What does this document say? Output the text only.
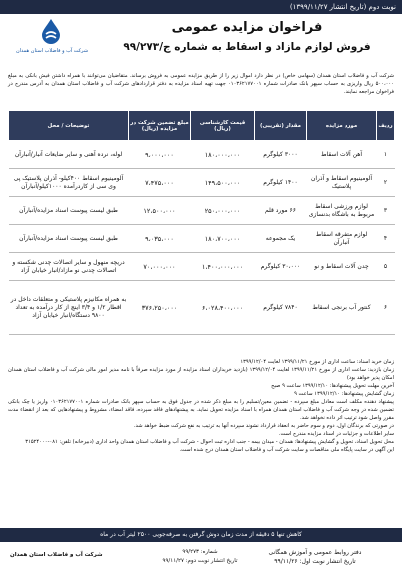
نوبت دوم (تاریخ انتشار ۱۳۹۹/۱۱/۲۷)
شرکت آب و فاضلاب استان همدان
فراخوان مزایده عمومی
فروش لوازم مازاد و اسقاط به شماره ج/۹۹/۲۷۳
شرکت آب و فاضلاب استان همدان (سهامی خاص) در نظر دارد اموال زیر را از طریق مزایده عمومی به فروش برساند. متقاضیان می‌توانند با همراه داشتن فیش بانکی به مبلغ ۵۰۰،۰۰۰ ریال واریزی به حساب سپهر بانک صادرات شماره ۰۱۰۳۶۲۱۷۷۰۰۱ جهت تهیه اسناد مزایده به دفتر قراردادهای شرکت آب و فاضلاب استان همدان به آدرس مندرج در فراخوان مراجعه نمایند.
ردیف	مورد مزایده	مقدار (تقریبی)	قیمت کارشناسی (ریال)	مبلغ تضمین شرکت در مزایده (ریال)	توضیحات / محل
۱	آهن آلات اسقاط	۳۰۰۰ کیلوگرم	۱۸۰،۰۰۰،۰۰۰	۹،۰۰۰،۰۰۰	لوله، نرده آهنی و سایر ضایعات آنبار/آنبارآن
۲	آلومینیوم اسقاط و آذران پلاستیک	۱۴۰۰ کیلوگرم	۱۴۹،۵۰۰،۰۰۰	۷،۴۷۵،۰۰۰	آلومینیوم اسقاط ۴۰۰کیلو- آذران پلاستیک پی وی سی از کاردرآمده ۱۰۰۰کیلو/آنبارآن
۳	لوازم ورزشی اسقاط مربوط به باشگاه بدنسازی	۶۶ مورد قلم	۲۵۰،۰۰۰،۰۰۰	۱۲،۵۰۰،۰۰۰	طبق لیست پیوست اسناد مزایده/آنبارآن
۴	لوازم متفرقه اسقاط آنبارآن	یک مجموعه	۱۸۰،۷۰۰،۰۰۰	۹،۰۳۵،۰۰۰	طبق لیست پیوست اسناد مزایده/آنبارآن
۵	چدن آلات اسقاط و نو	۳۰،۰۰۰ کیلوگرم	۱،۴۰۰،۰۰۰،۰۰۰	۷۰،۰۰۰،۰۰۰	دریچه منهول و سایر اتصالات چدنی شکسته و اتصالات چدنی نو مازاد/انبار خیابان آزاد
۶	کنتور آب برنجی اسقاط	۷۸۴۰ کیلوگرم	۶،۰۲۸،۴۰۰،۰۰۰	۳۷۶،۲۵۰،۰۰۰	به همراه مکانیزم پلاستیکی و متعلقات داخل در اقطار ۱/۲ و ۳/۴ اینچ از کار درآمده به تعداد ۹۸۰۰ دستگاه/انبار خیابان آزاد

زمان خرید اسناد: ساعت اداری از مورخ ۱۳۹۹/۱۱/۲۱ لغایت ۱۳۹۹/۱۲/۰۴

زمان بازدید: ساعت اداری از مورخ ۱۳۹۹/۱۱/۲۱ لغایت ۱۳۹۹/۱۲/۰۴ (بازدید خریداران اسناد مزایده از مورد مزایده صرفاً با نامه مدیر امور مالی شرکت آب و فاضلاب استان همدان امکان پذیر خواهد بود)

آخرین مهلت تحویل پیشنهادها: ۱۳۹۹/۱۲/۱۰ ساعت ۹ صبح

زمان گشایش پیشنهادها: ۱۳۹۹/۱۲/۱۰ ساعت ۹

پیشنهاد دهنده مکلف است معادل مبلغ سپرده - تضمین معین/تسلیم را به مبلغ ذکر شده در جدول فوق به حساب سپهر بانک صادرات شماره ۰۱۰۳۶۲۱۷۷۰۰۱ واریز یا چک بانکی تضمین شده در وجه شرکت آب و فاضلاب استان همدان همراه با اسناد مزایده تحویل نماید. به پیشنهادهای فاقد سپرده، فاقد امضاء، مشروط و پیشنهادهایی که بعد از انقضاء مدت مقرر واصل شود ترتیب اثر داده نخواهد شد.

در صورتی که برندگان اول، دوم و سوم حاضر به انعقاد قرارداد نشوند سپرده آنها به ترتیب به نفع شرکت ضبط خواهد شد.

سایر اطلاعات و جزئیات در اسناد مزایده مندرج است.

محل تحویل اسناد، تحویل و گشایش پیشنهادها: همدان - میدان بیمه - جنب اداره ثبت احوال - شرکت آب و فاضلاب استان همدان واحد اداری (دبیرخانه) تلفن: ۰۸۱-۳۱۵۲۴۰۰۰

این آگهی در سایت پایگاه ملی مناقصات و سایت شرکت آب و فاضلاب استان همدان درج شده است.

کاهش تنها ۵ دقیقه از مدت زمان دوش گرفتن به صرفه‌جویی ۲۵۰۰ لیتر آب در ماه
دفتر روابط عمومی و آموزش همگانی
تاریخ انتشار نوبت اول: ۹۹/۱۱/۲۶
شماره: ۹۹/۲۷۳
تاریخ انتشار نوبت دوم: ۹۹/۱۱/۲۷
شرکت آب و فاضلاب استان همدان
